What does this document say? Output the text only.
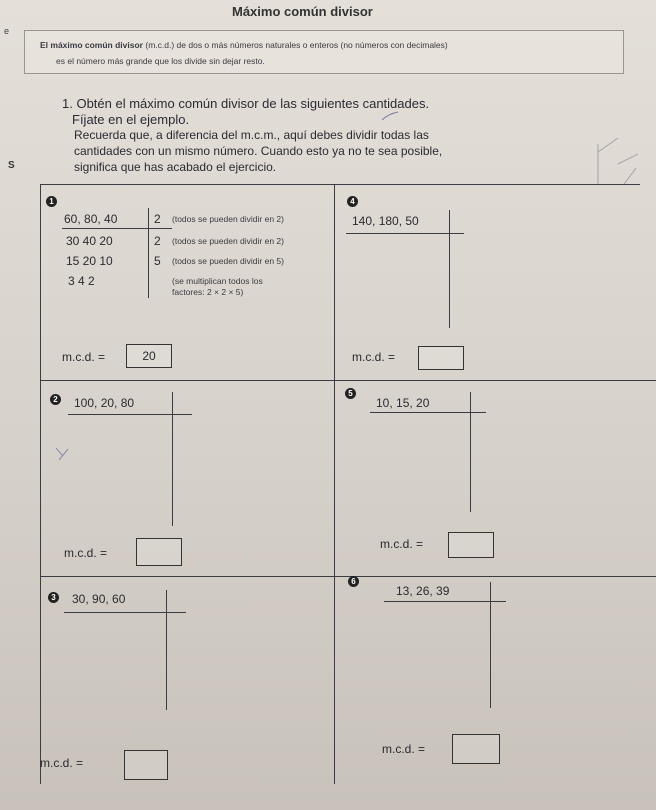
e
S
Máximo común divisor
El máximo común divisor (m.c.d.) de dos o más números naturales o enteros (no números con decimales)
es el número más grande que los divide sin dejar resto.
1. Obtén el máximo común divisor de las siguientes cantidades.
Fíjate en el ejemplo.
Recuerda que, a diferencia del m.c.m., aquí debes dividir todas las
cantidades con un mismo número. Cuando esto ya no te sea posible,
significa que has acabado el ejercicio.
1
60, 80, 40	2 (todos se pueden dividir en 2)
30 40 20	2 (todos se pueden dividir en 2)
15 20 10	5 (todos se pueden dividir en 5)
3 4 2	(se multiplican todos los
factores: 2 × 2 × 5)
m.c.d. =	20
4
140, 180, 50
m.c.d. =
2 100, 20, 80
m.c.d. =
5
10, 15, 20
m.c.d. =
3 30, 90, 60
m.c.d. =
6
13, 26, 39
m.c.d. =
